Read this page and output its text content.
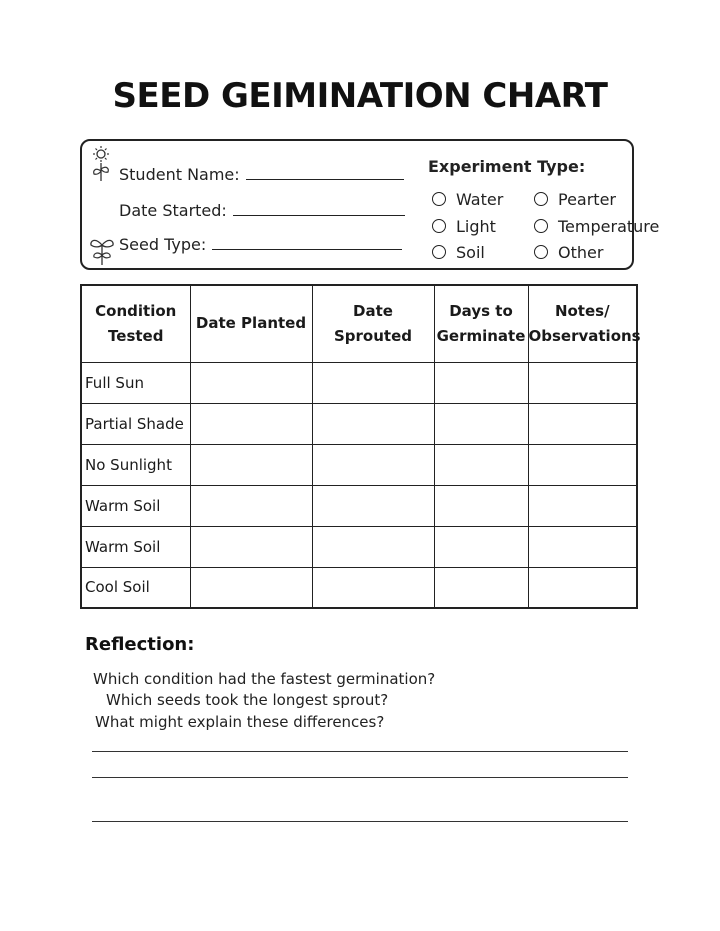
SEED GEIMINATION CHART
Student Name:
Date Started:
Seed Type:
Experiment Type:
Water	Pearter
Light	Temperature
Soil	Other
Condition Tested	Date Planted	Date Sprouted	Days to Germinate	Notes/ Observations
Full Sun				
Partial Shade				
No Sunlight				
Warm Soil				
Warm Soil				
Cool Soil				
Reflection:
Which condition had the fastest germination?
Which seeds took the longest sprout?
What might explain these differences?
